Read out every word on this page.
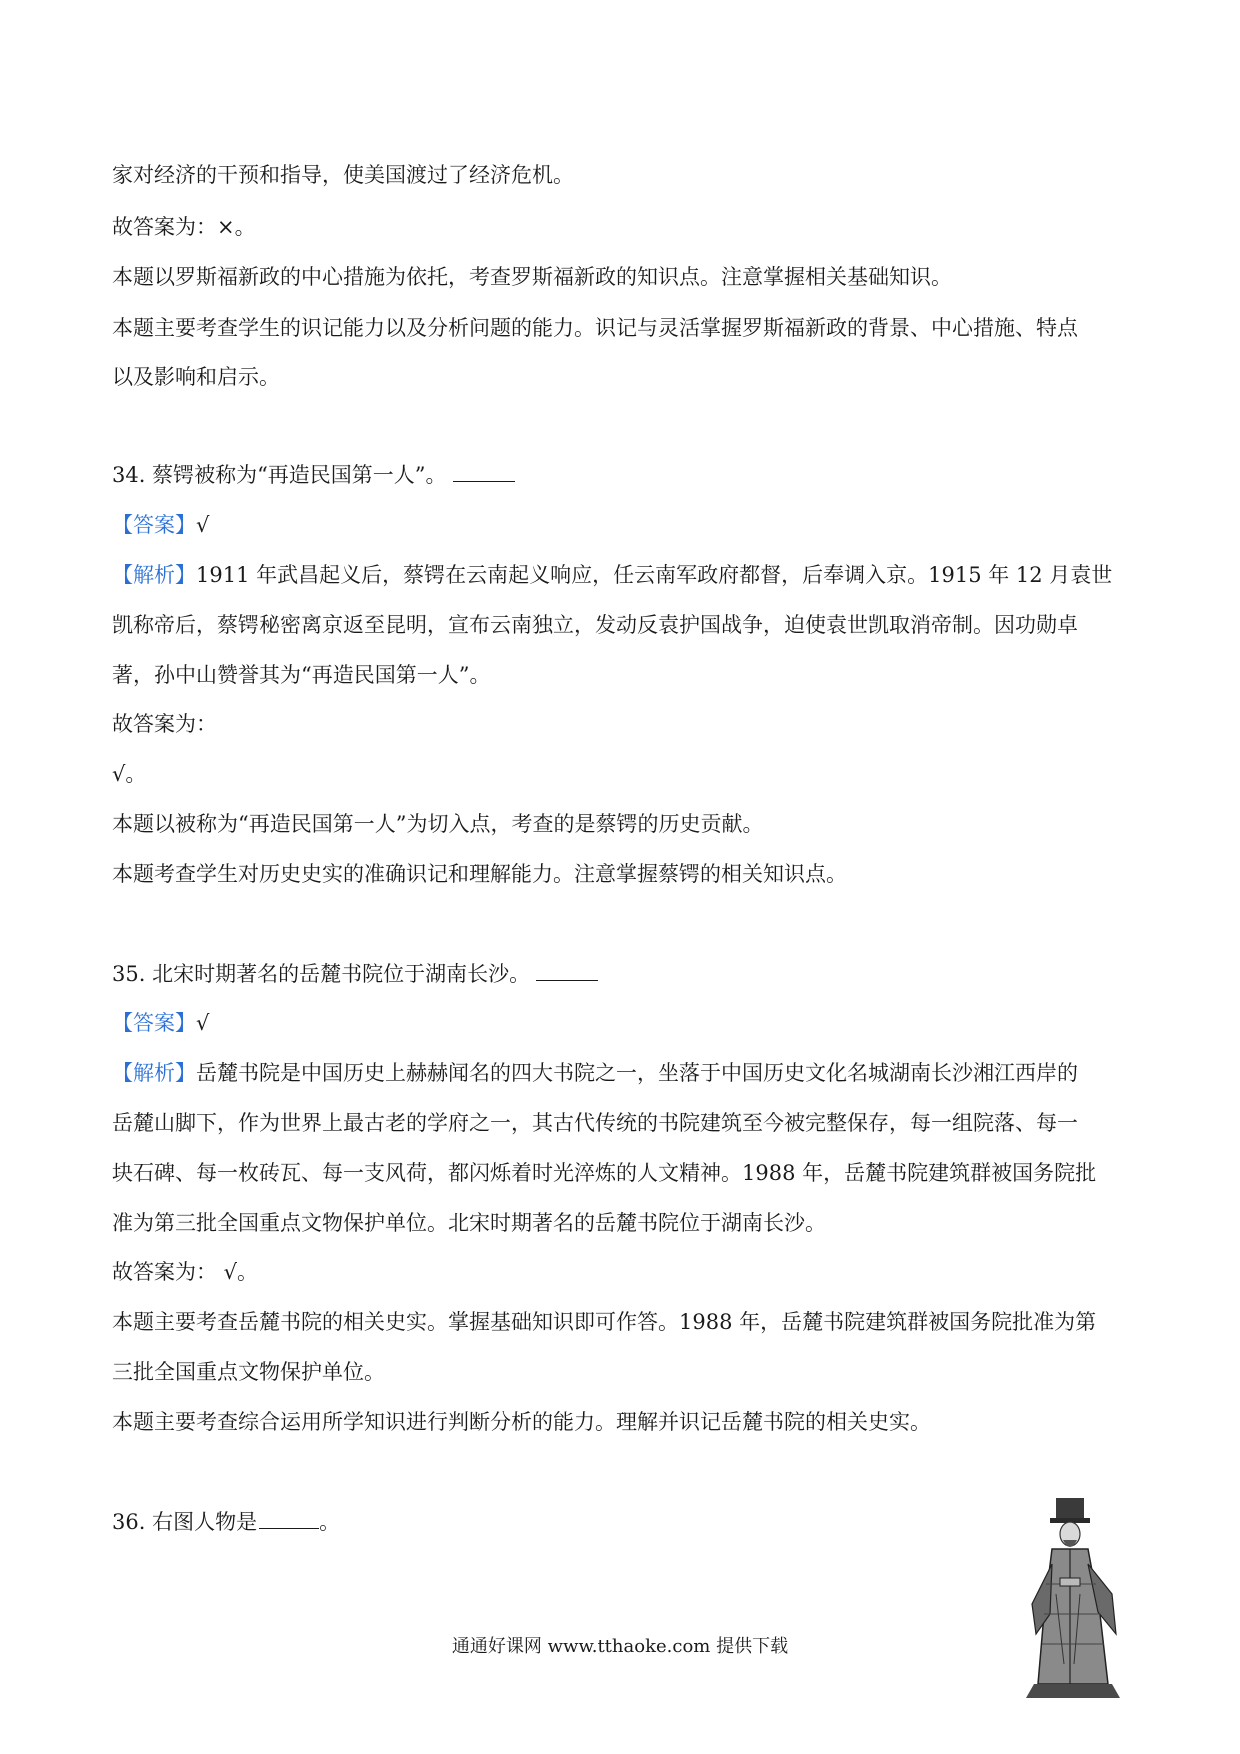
家对经济的干预和指导，使美国渡过了经济危机。
故答案为：×。
本题以罗斯福新政的中心措施为依托，考查罗斯福新政的知识点。注意掌握相关基础知识。
本题主要考查学生的识记能力以及分析问题的能力。识记与灵活掌握罗斯福新政的背景、中心措施、特点
以及影响和启示。
34. 蔡锷被称为“再造民国第一人”。
【答案】√
【解析】1911 年武昌起义后，蔡锷在云南起义响应，任云南军政府都督，后奉调入京。1915 年 12 月袁世
凯称帝后，蔡锷秘密离京返至昆明，宣布云南独立，发动反袁护国战争，迫使袁世凯取消帝制。因功勋卓
著，孙中山赞誉其为“再造民国第一人”。
故答案为：
√。
本题以被称为“再造民国第一人”为切入点，考查的是蔡锷的历史贡献。
本题考查学生对历史史实的准确识记和理解能力。注意掌握蔡锷的相关知识点。
35. 北宋时期著名的岳麓书院位于湖南长沙。
【答案】√
【解析】岳麓书院是中国历史上赫赫闻名的四大书院之一，坐落于中国历史文化名城湖南长沙湘江西岸的
岳麓山脚下，作为世界上最古老的学府之一，其古代传统的书院建筑至今被完整保存，每一组院落、每一
块石碑、每一枚砖瓦、每一支风荷，都闪烁着时光淬炼的人文精神。1988 年，岳麓书院建筑群被国务院批
准为第三批全国重点文物保护单位。北宋时期著名的岳麓书院位于湖南长沙。
故答案为： √。
本题主要考查岳麓书院的相关史实。掌握基础知识即可作答。1988 年，岳麓书院建筑群被国务院批准为第
三批全国重点文物保护单位。
本题主要考查综合运用所学知识进行判断分析的能力。理解并识记岳麓书院的相关史实。
36. 右图人物是	。
通通好课网 www.tthaoke.com 提供下载
